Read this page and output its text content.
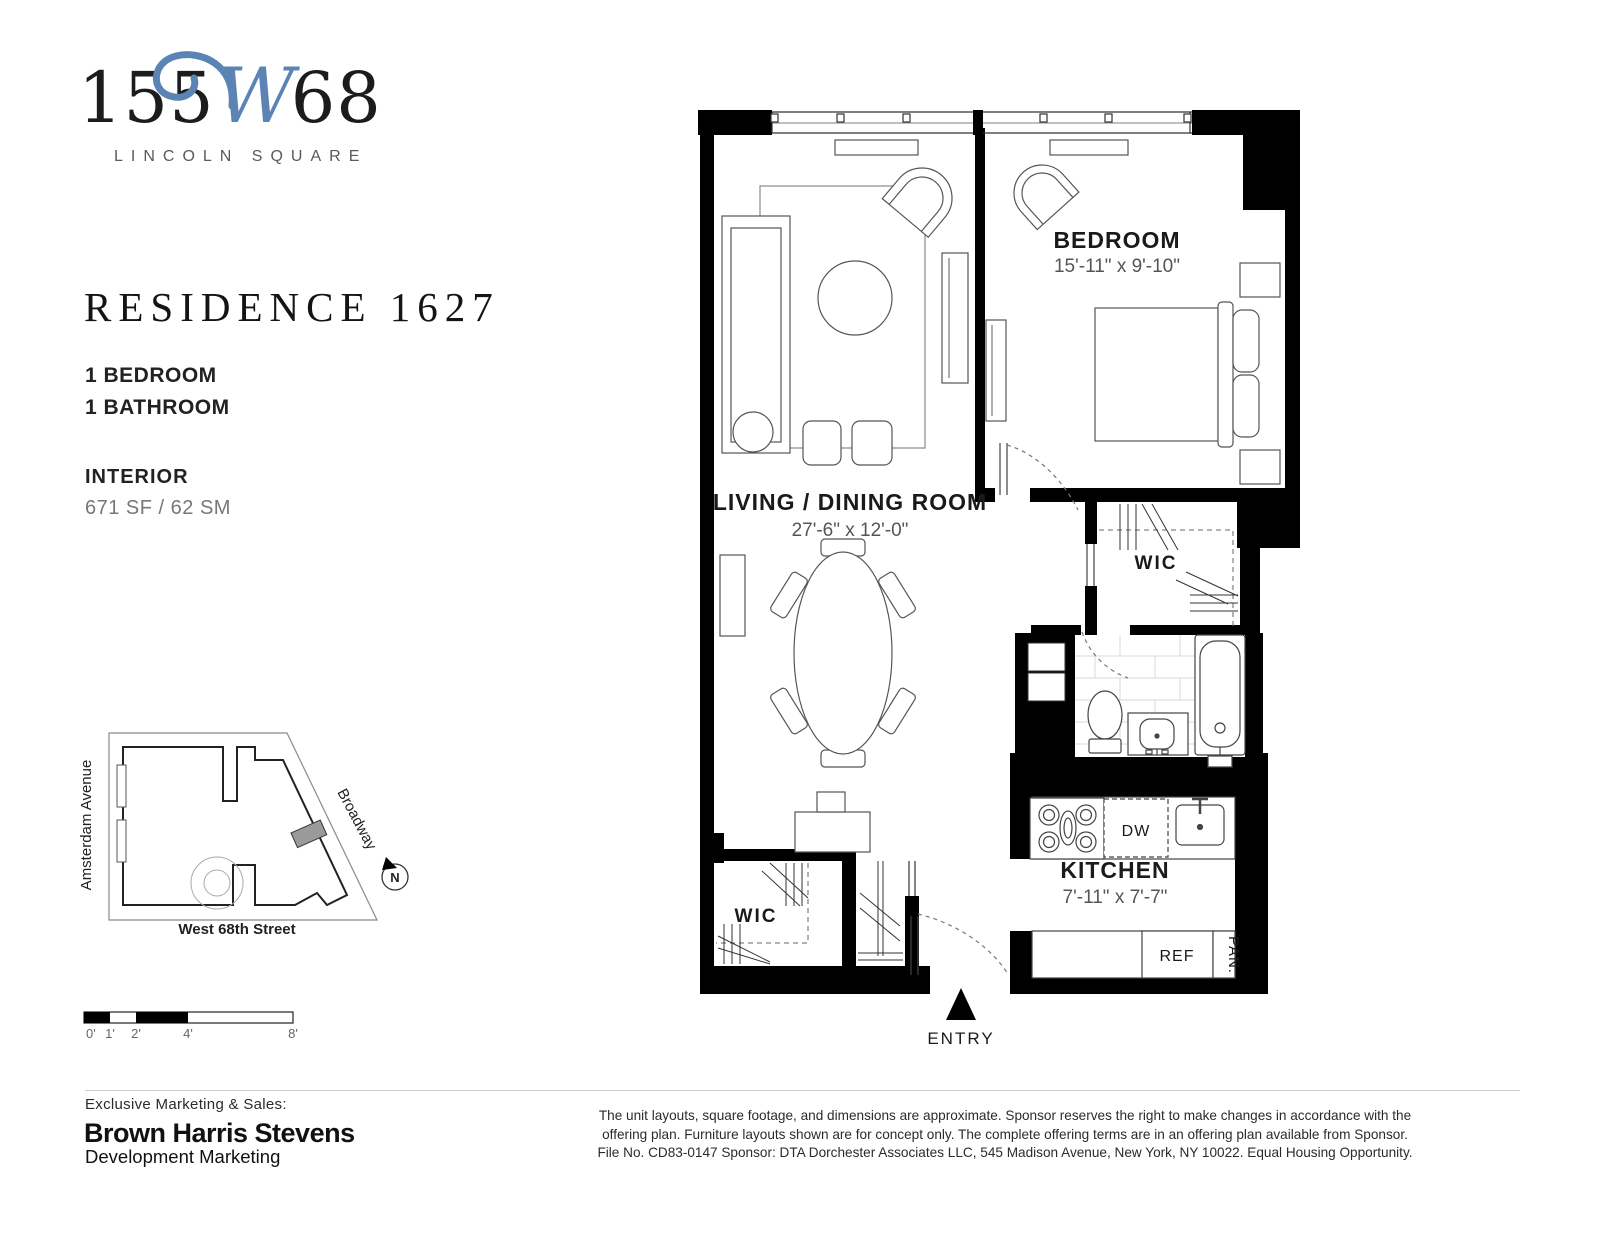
155 W
68
LINCOLN SQUARE
RESIDENCE 1627
1 BEDROOM
1 BATHROOM
INTERIOR
671 SF / 62 SM
N
Amsterdam Avenue	Broadway
West 68th Street
0' 1' 2'	4'	8'
DW
REF PAN.
LIVING / DINING ROOM
27'-6" x 12'-0"
BEDROOM
15'-11" x 9'-10"
KITCHEN
7'-11" x 7'-7"
WIC
WIC
ENTRY
Exclusive Marketing & Sales:
Brown Harris Stevens
Development Marketing
The unit layouts, square footage, and dimensions are approximate. Sponsor reserves the right to make changes in accordance with the
offering plan. Furniture layouts shown are for concept only. The complete offering terms are in an offering plan available from Sponsor.
File No. CD83-0147 Sponsor: DTA Dorchester Associates LLC, 545 Madison Avenue, New York, NY 10022. Equal Housing Opportunity.
